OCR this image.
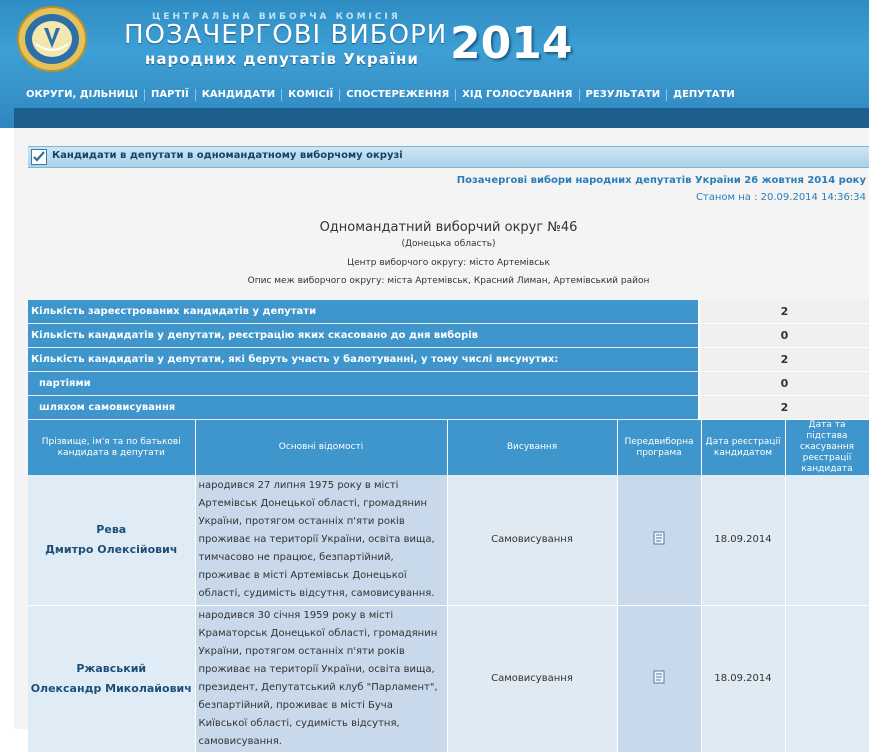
ЦЕНТРАЛЬНА ВИБОРЧА КОМІСІЯ
ПОЗАЧЕРГОВІ ВИБОРИ
народних депутатів України 2014
ОКРУГИ, ДІЛЬНИЦІ	ПАРТІЇ	КАНДИДАТИ	КОМІСІЇ	СПОСТЕРЕЖЕННЯ	ХІД ГОЛОСУВАННЯ	РЕЗУЛЬТАТИ	ДЕПУТАТИ
Кандидати в депутати в одномандатному виборчому окрузі
Позачергові вибори народних депутатів України 26 жовтня 2014 року
Станом на : 20.09.2014 14:36:34
Одномандатний виборчий округ №46
(Донецька область)
Центр виборчого округу: місто Артемівськ
Опис меж виборчого округу: міста Артемівськ, Красний Лиман, Артемівський район
Кількість зареєстрованих кандидатів у депутати	2
Кількість кандидатів у депутати, реєстрацію яких скасовано до дня виборів	0
Кількість кандидатів у депутати, які беруть участь у балотуванні, у тому числі висунутих:	2
партіями	0
шляхом самовисування	2
Прізвище, ім'я та по батькові кандидата в депутати	Основні відомості	Висування	Передвиборна програма	Дата реєстрації кандидатом	Дата та підстава скасування реєстрації кандидата

Рева
Дмитро Олексійович	народився 27 липня 1975 року в місті Артемівськ Донецької області, громадянин України, протягом останніх п'яти років проживає на території України, освіта вища, тимчасово не працює, безпартійний, проживає в місті Артемівськ Донецької області, судимість відсутня, самовисування.	Самовисування		18.09.2014	

Ржавський
Олександр Миколайович	народився 30 січня 1959 року в місті Краматорськ Донецької області, громадянин України, протягом останніх п'яти років проживає на території України, освіта вища, президент, Депутатський клуб "Парламент", безпартійний, проживає в місті Буча Київської області, судимість відсутня, самовисування.	Самовисування		18.09.2014	
